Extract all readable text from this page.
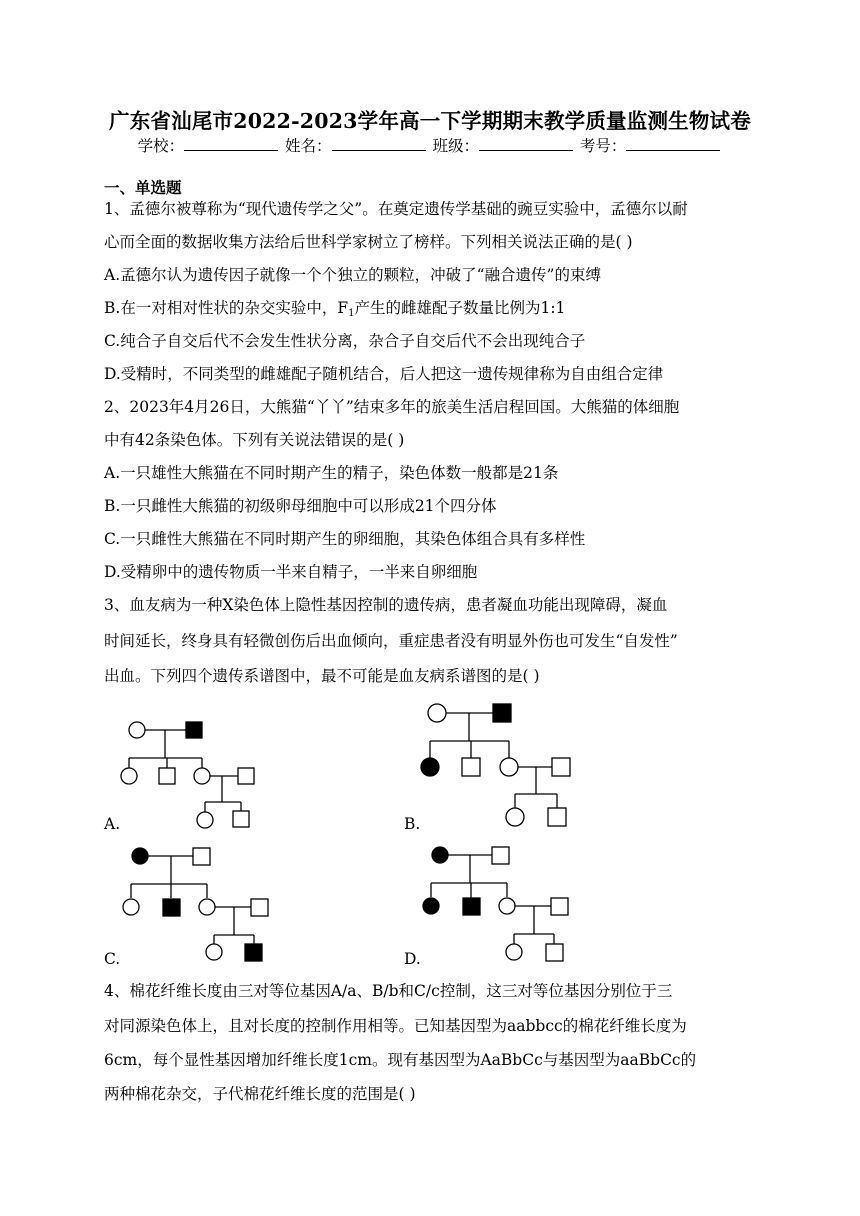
广东省汕尾市2022-2023学年高一下学期期末教学质量监测生物试卷
学校：	姓名：	班级：	考号：
一、单选题
1、孟德尔被尊称为“现代遗传学之父”。在奠定遗传学基础的豌豆实验中，孟德尔以耐
心而全面的数据收集方法给后世科学家树立了榜样。下列相关说法正确的是( )
A.孟德尔认为遗传因子就像一个个独立的颗粒，冲破了“融合遗传”的束缚
B.在一对相对性状的杂交实验中，$F_1$产生的雌雄配子数量比例为1:1
C.纯合子自交后代不会发生性状分离，杂合子自交后代不会出现纯合子
D.受精时，不同类型的雌雄配子随机结合，后人把这一遗传规律称为自由组合定律
2、2023年4月26日，大熊猫“丫丫”结束多年的旅美生活启程回国。大熊猫的体细胞
中有42条染色体。下列有关说法错误的是( )
A.一只雄性大熊猫在不同时期产生的精子，染色体数一般都是21条
B.一只雌性大熊猫的初级卵母细胞中可以形成21个四分体
C.一只雌性大熊猫在不同时期产生的卵细胞，其染色体组合具有多样性
D.受精卵中的遗传物质一半来自精子，一半来自卵细胞
3、血友病为一种X染色体上隐性基因控制的遗传病，患者凝血功能出现障碍，凝血
时间延长，终身具有轻微创伤后出血倾向，重症患者没有明显外伤也可发生“自发性”
出血。下列四个遗传系谱图中，最不可能是血友病系谱图的是( )
A.	B.
C.	D.
4、棉花纤维长度由三对等位基因A/a、B/b和C/c控制，这三对等位基因分别位于三
对同源染色体上，且对长度的控制作用相等。已知基因型为aabbcc的棉花纤维长度为
6cm，每个显性基因增加纤维长度1cm。现有基因型为AaBbCc与基因型为aaBbCc的
两种棉花杂交，子代棉花纤维长度的范围是( )
